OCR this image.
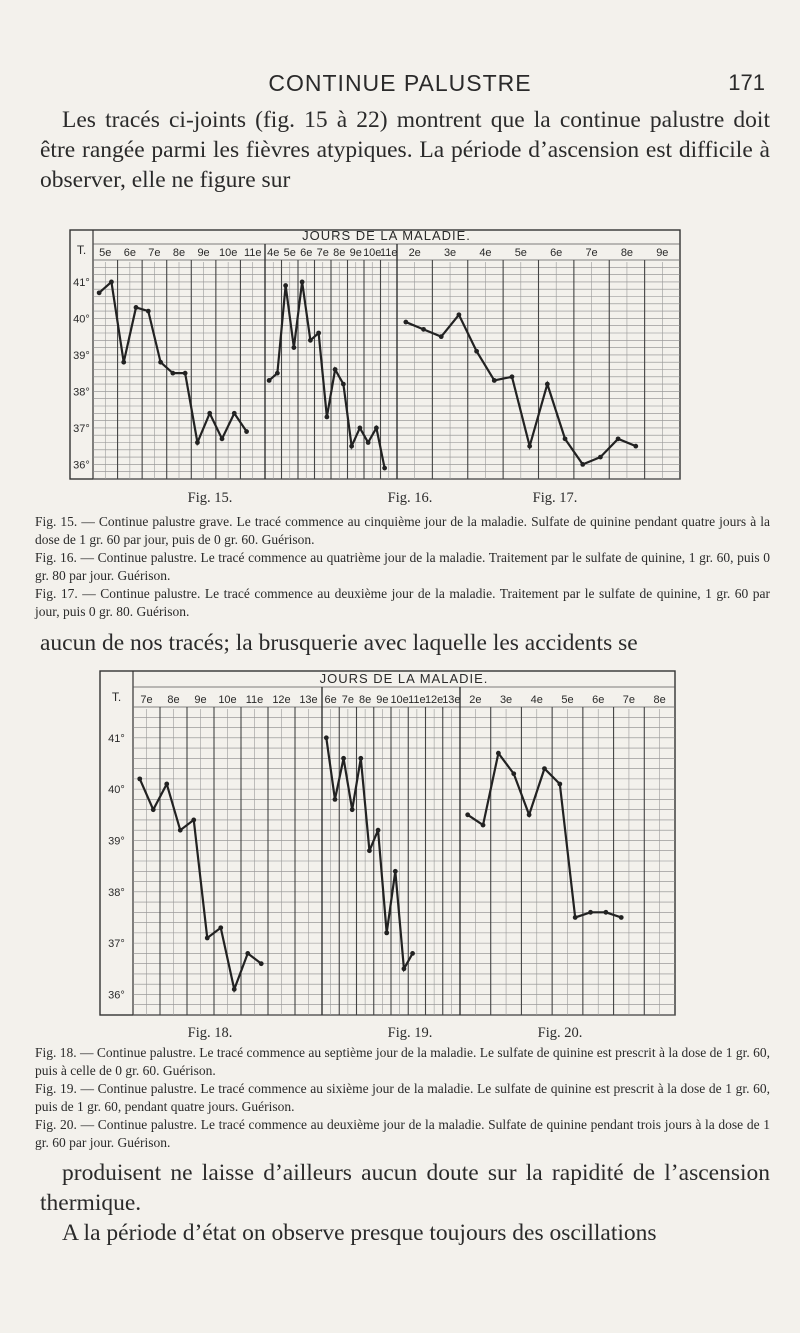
CONTINUE PALUSTRE	171
Les tracés ci-joints (fig. 15 à 22) montrent que la continue palustre doit être rangée parmi les fièvres atypiques. La période d’ascension est difficile à observer, elle ne figure sur
JOURS DE LA MALADIE.
T.
41°
40°
39°
38°
37°
36°
5e 6e 7e 8e 9e 10e 11e 4e 5e 6e 7e 8e 9e 10e
11e 2e 3e 4e 5e 6e 7e 8e 9e
Fig. 15.	Fig. 16.	Fig. 17.
Fig. 15. — Continue palustre grave. Le tracé commence au cinquième jour de la maladie. Sulfate de quinine pendant quatre jours à la dose de 1 gr. 60 par jour, puis de 0 gr. 60. Guérison.
Fig. 16. — Continue palustre. Le tracé commence au quatrième jour de la maladie. Traitement par le sulfate de quinine, 1 gr. 60, puis 0 gr. 80 par jour. Guérison.
Fig. 17. — Continue palustre. Le tracé commence au deuxième jour de la maladie. Traitement par le sulfate de quinine, 1 gr. 60 par jour, puis 0 gr. 80. Guérison.
aucun de nos tracés; la brusquerie avec laquelle les accidents se
JOURS DE LA MALADIE.
T.
41°
40°
39°
38°
37°
36°
7e 8e 9e 10e 11e 12e 13e 6e 7e 8e 9e 10e 11e 12e
13e 2e 3e 4e 5e 6e 7e 8e
Fig. 18.	Fig. 19.	Fig. 20.
Fig. 18. — Continue palustre. Le tracé commence au septième jour de la maladie. Le sulfate de quinine est prescrit à la dose de 1 gr. 60, puis à celle de 0 gr. 60. Guérison.
Fig. 19. — Continue palustre. Le tracé commence au sixième jour de la maladie. Le sulfate de quinine est prescrit à la dose de 1 gr. 60, puis de 1 gr. 60, pendant quatre jours. Guérison.
Fig. 20. — Continue palustre. Le tracé commence au deuxième jour de la maladie. Sulfate de quinine pendant trois jours à la dose de 1 gr. 60 par jour. Guérison.
produisent ne laisse d’ailleurs aucun doute sur la rapidité de l’ascension thermique.
A la période d’état on observe presque toujours des oscillations
